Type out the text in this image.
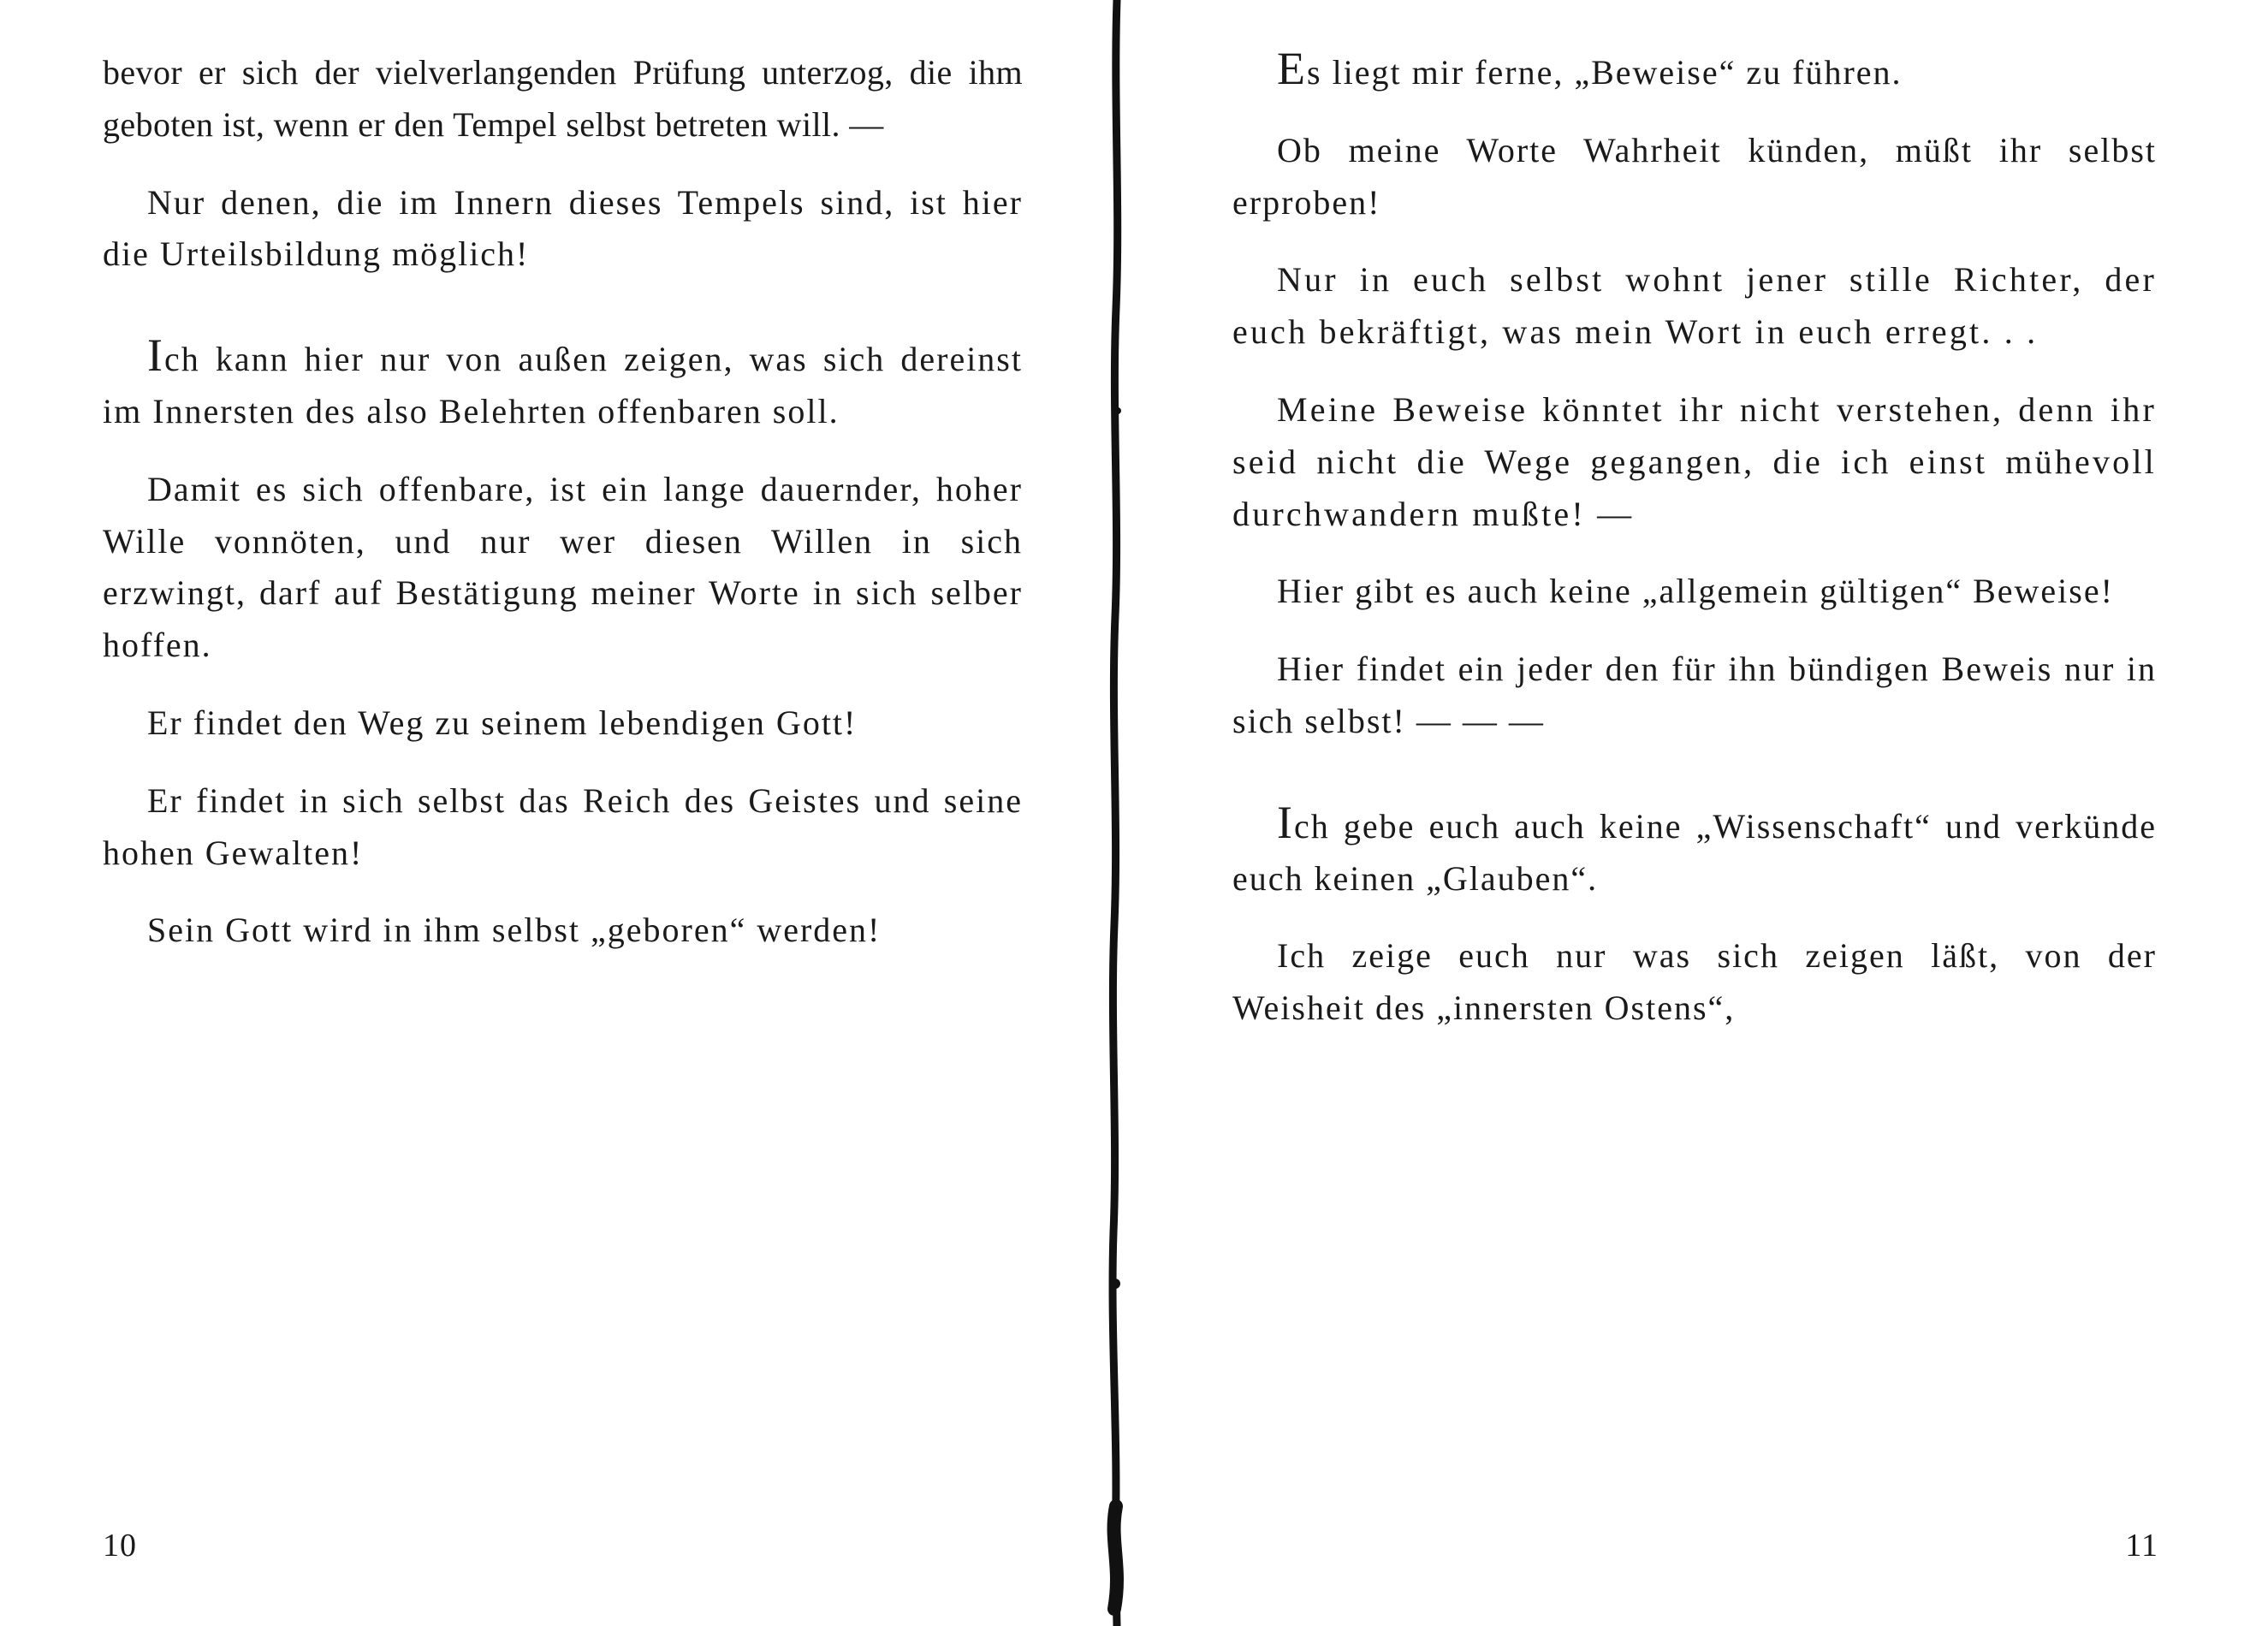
bevor er sich der vielverlangenden Prüfung unterzog, die ihm geboten ist, wenn er den Tempel selbst betreten will. —

Nur denen, die im Innern dieses Tempels sind, ist hier die Urteilsbildung möglich!

Ich kann hier nur von außen zeigen, was sich dereinst im Innersten des also Belehrten offenbaren soll.

Damit es sich offenbare, ist ein lange dauernder, hoher Wille vonnöten, und nur wer diesen Willen in sich erzwingt, darf auf Bestätigung meiner Worte in sich selber hoffen.

Er findet den Weg zu seinem lebendigen Gott!

Er findet in sich selbst das Reich des Geistes und seine hohen Gewalten!

Sein Gott wird in ihm selbst „geboren“ werden!

10

Es liegt mir ferne, „Beweise“ zu führen.

Ob meine Worte Wahrheit künden, müßt ihr selbst erproben!

Nur in euch selbst wohnt jener stille Richter, der euch bekräftigt, was mein Wort in euch erregt. . .

Meine Beweise könntet ihr nicht verstehen, denn ihr seid nicht die Wege gegangen, die ich einst mühevoll durchwandern mußte! —

Hier gibt es auch keine „allgemein gültigen“ Beweise!

Hier findet ein jeder den für ihn bündigen Beweis nur in sich selbst! — — —

Ich gebe euch auch keine „Wissenschaft“ und verkünde euch keinen „Glauben“.

Ich zeige euch nur was sich zeigen läßt, von der Weisheit des „innersten Ostens“,

11
